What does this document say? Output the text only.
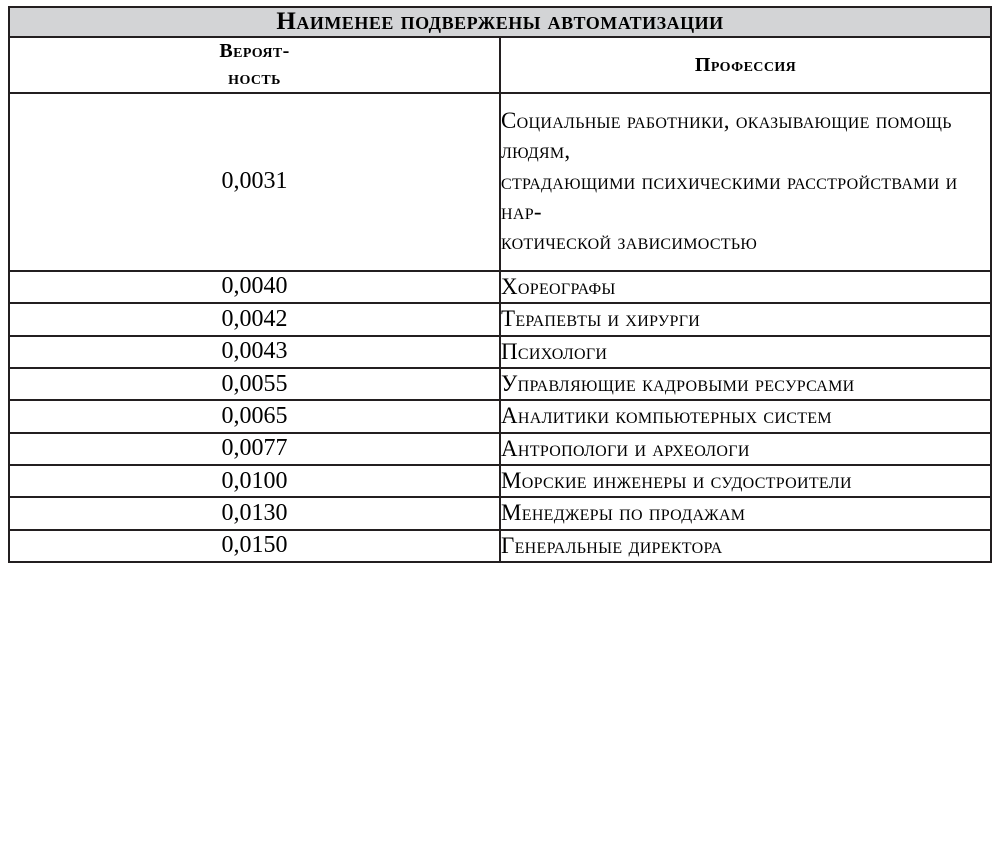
Наименее подвержены автоматизации	
Вероят-
ность	Профессия
0,0031	Социальные работники, оказывающие помощь людям,
страдающими психическими расстройствами и нар-
котической зависимостью
0,0040	Хореографы
0,0042	Терапевты и хирурги
0,0043	Психологи
0,0055	Управляющие кадровыми ресурсами
0,0065	Аналитики компьютерных систем
0,0077	Антропологи и археологи
0,0100	Морские инженеры и судостроители
0,0130	Менеджеры по продажам
0,0150	Генеральные директора
